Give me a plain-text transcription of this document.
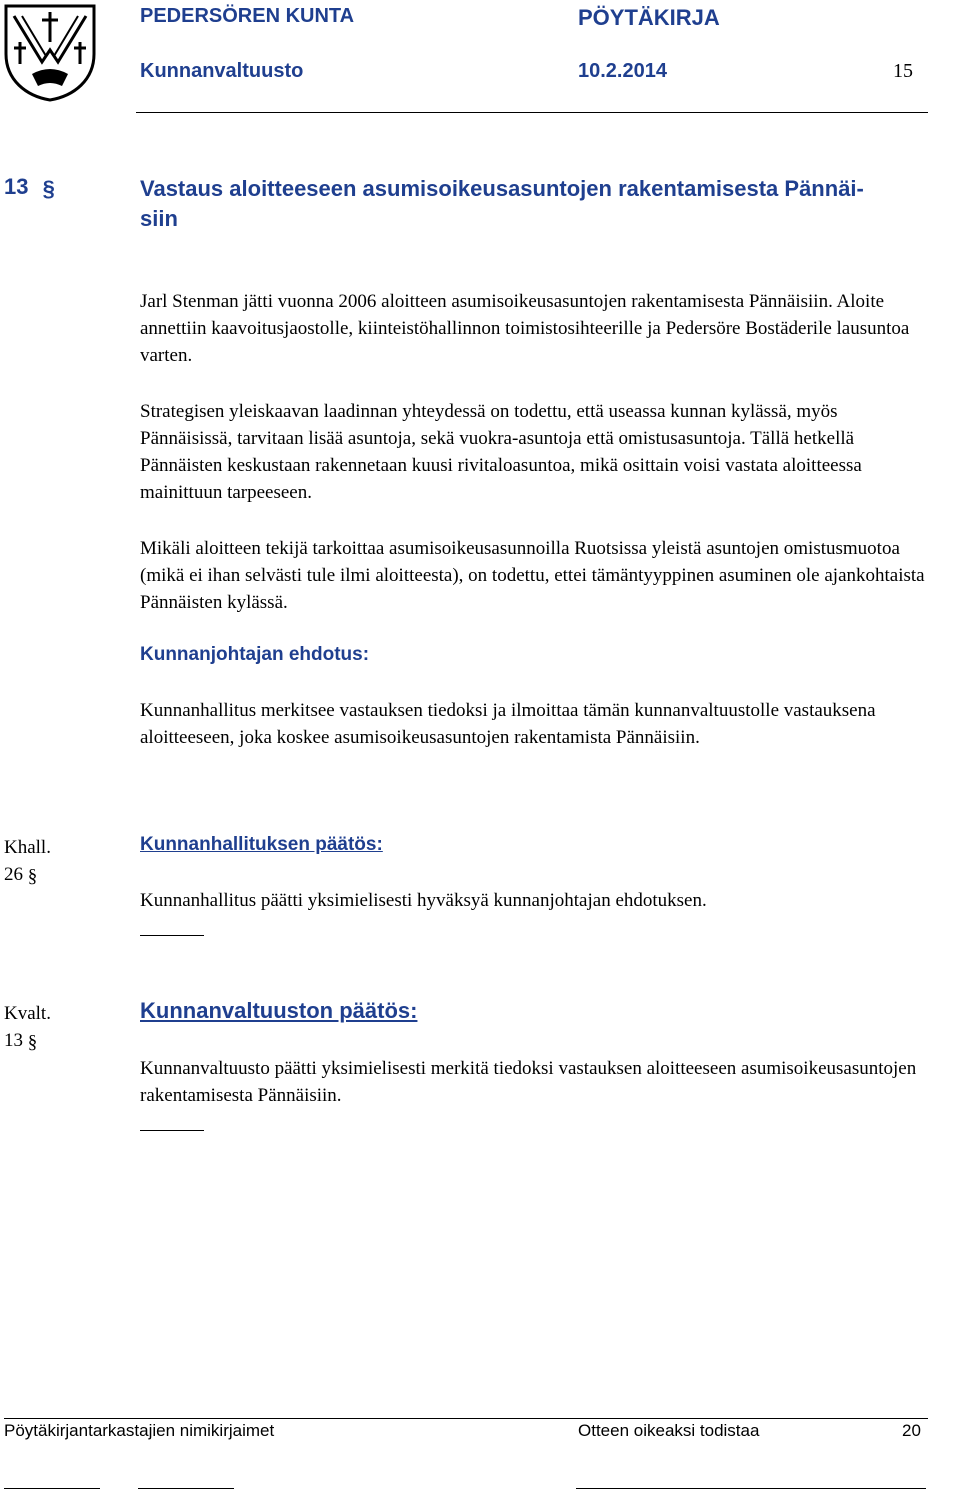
PEDERSÖREN KUNTA	PÖYTÄKIRJA
Kunnanvaltuusto	10.2.2014	15
13 §	Vastaus aloitteeseen asumisoikeusasuntojen rakentamisesta Pännäi-
siin

Jarl Stenman jätti vuonna 2006 aloitteen asumisoikeusasuntojen rakentamisesta Pännäisiin. Aloite annettiin kaavoitusjaostolle, kiinteistöhallinnon toimistosihteerille ja Pedersöre Bostäderile lausuntoa varten.

Strategisen yleiskaavan laadinnan yhteydessä on todettu, että useassa kunnan kylässä, myös Pännäisissä, tarvitaan lisää asuntoja, sekä vuokra-asuntoja että omistusasuntoja. Tällä hetkellä Pännäisten keskustaan rakennetaan kuusi rivitaloasuntoa, mikä osittain voisi vastata aloitteessa mainittuun tarpeeseen.

Mikäli aloitteen tekijä tarkoittaa asumisoikeusasunnoilla Ruotsissa yleistä asuntojen omistusmuotoa (mikä ei ihan selvästi tule ilmi aloitteesta), on todettu, ettei tämäntyyppinen asuminen ole ajankohtaista Pännäisten kylässä.

Kunnanjohtajan ehdotus:

Kunnanhallitus merkitsee vastauksen tiedoksi ja ilmoittaa tämän kunnanvaltuustolle vastauksena aloitteeseen, joka koskee asumisoikeusasuntojen rakentamista Pännäisiin.

Khall.
26 §
Kunnanhallituksen päätös:

Kunnanhallitus päätti yksimielisesti hyväksyä kunnanjohtajan ehdotuksen.

Kvalt.
13 §
Kunnanvaltuuston päätös:

Kunnanvaltuusto päätti yksimielisesti merkitä tiedoksi vastauksen aloitteeseen asumisoikeusasuntojen rakentamisesta Pännäisiin.

Pöytäkirjantarkastajien nimikirjaimet	Otteen oikeaksi todistaa	20
